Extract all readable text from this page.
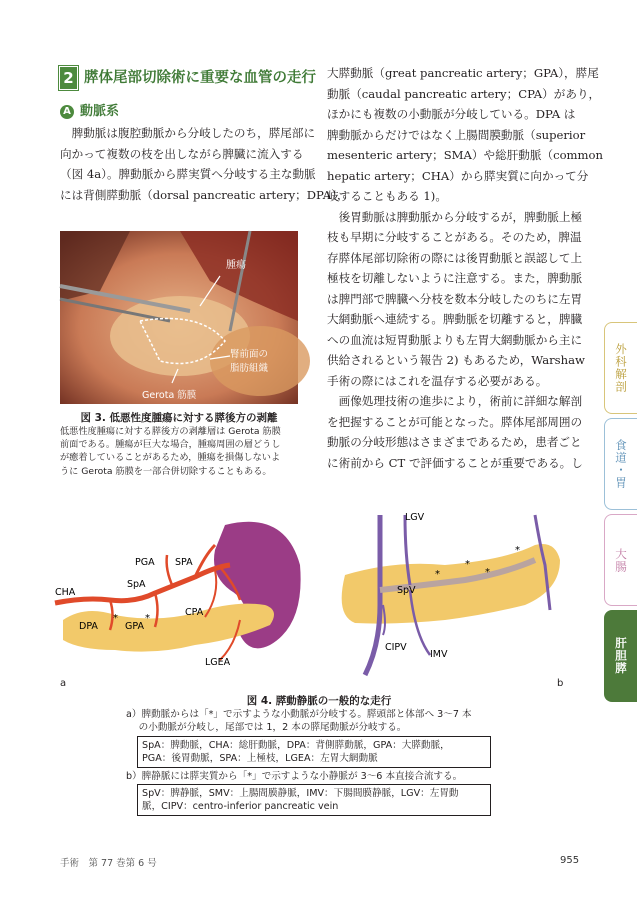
2 膵体尾部切除術に重要な血管の走行
A 動脈系
　脾動脈は腹腔動脈から分岐したのち，膵尾部に
向かって複数の枝を出しながら脾臓に流入する
（図 4a）。脾動脈から膵実質へ分岐する主な動脈
には背側膵動脈（dorsal pancreatic artery；DPA），
腫瘍
腎前面の
脂肪組織
Gerota 筋膜
図 3. 低悪性度腫瘍に対する膵後方の剥離
低悪性度腫瘍に対する膵後方の剥離層は Gerota 筋膜
前面である。腫瘍が巨大な場合，腫瘍周囲の層どうし
が癒着していることがあるため，腫瘍を損傷しないよ
うに Gerota 筋膜を一部合併切除することもある。
大膵動脈（great pancreatic artery；GPA），膵尾
動脈（caudal pancreatic artery；CPA）があり，
ほかにも複数の小動脈が分岐している。DPA は
脾動脈からだけではなく上腸間膜動脈（superior
mesenteric artery；SMA）や総肝動脈（common
hepatic artery；CHA）から膵実質に向かって分
岐することもある 1)。
　後胃動脈は脾動脈から分岐するが，脾動脈上極
枝も早期に分岐することがある。そのため，脾温
存膵体尾部切除術の際には後胃動脈と誤認して上
極枝を切離しないように注意する。また，脾動脈
は脾門部で脾臓へ分枝を数本分岐したのちに左胃
大網動脈へ連続する。脾動脈を切離すると，脾臓
への血流は短胃動脈よりも左胃大網動脈から主に
供給されるという報告 2) もあるため，Warshaw
手術の際にはこれを温存する必要がある。
　画像処理技術の進歩により，術前に詳細な解剖
を把握することが可能となった。膵体尾部周囲の
動脈の分岐形態はさまざまであるため，患者ごと
に術前から CT で評価することが重要である。し
外科解剖
食道・胃
大腸
肝胆膵
PGA SPA
CHA
SpA
CPA
DPA	GPA
LGEA
*	*
LGV
SpV
CIPV
IMV
*
*
*
*
a	b
図 4. 膵動静脈の一般的な走行
a）脾動脈からは「*」で示すような小動脈が分岐する。膵頭部と体部へ 3～7 本
　 の小動脈が分岐し，尾部では 1，2 本の膵尾動脈が分岐する。
SpA：脾動脈，CHA：総肝動脈，DPA：背側膵動脈，GPA：大膵動脈，
PGA：後胃動脈，SPA：上極枝，LGEA：左胃大網動脈
b）脾静脈には膵実質から「*」で示すような小静脈が 3～6 本直接合流する。
SpV：脾静脈，SMV：上腸間膜静脈，IMV：下腸間膜静脈，LGV：左胃動
脈，CIPV：centro-inferior pancreatic vein
手術　第 77 巻第 6 号	955
